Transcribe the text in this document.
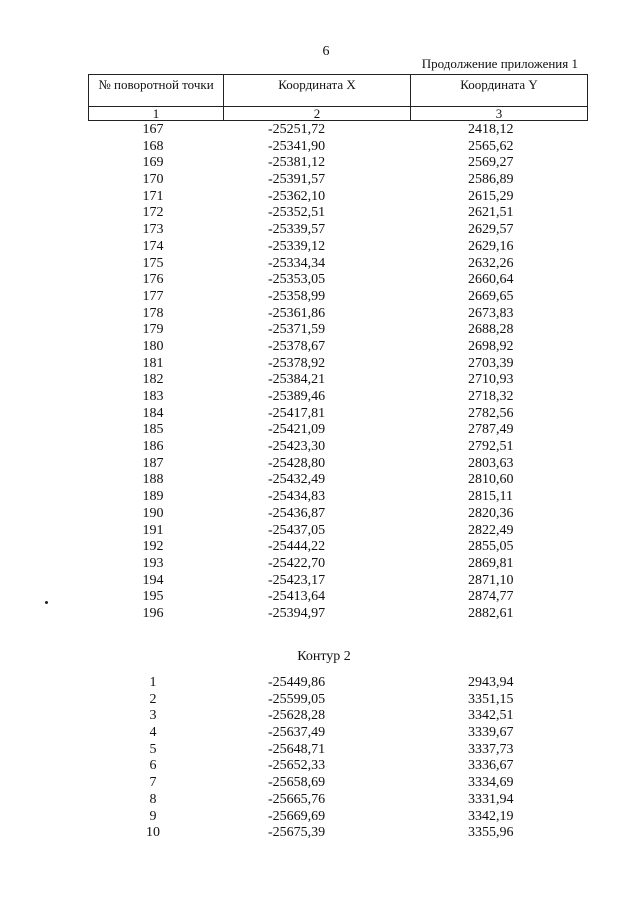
6
Продолжение приложения 1
№ поворотной точки	Координата X	Координата Y
1	2	3
167	-25251,72	2418,12
168	-25341,90	2565,62
169	-25381,12	2569,27
170	-25391,57	2586,89
171	-25362,10	2615,29
172	-25352,51	2621,51
173	-25339,57	2629,57
174	-25339,12	2629,16
175	-25334,34	2632,26
176	-25353,05	2660,64
177	-25358,99	2669,65
178	-25361,86	2673,83
179	-25371,59	2688,28
180	-25378,67	2698,92
181	-25378,92	2703,39
182	-25384,21	2710,93
183	-25389,46	2718,32
184	-25417,81	2782,56
185	-25421,09	2787,49
186	-25423,30	2792,51
187	-25428,80	2803,63
188	-25432,49	2810,60
189	-25434,83	2815,11
190	-25436,87	2820,36
191	-25437,05	2822,49
192	-25444,22	2855,05
193	-25422,70	2869,81
194	-25423,17	2871,10
195	-25413,64	2874,77
196	-25394,97	2882,61
Контур 2
1	-25449,86	2943,94
2	-25599,05	3351,15
3	-25628,28	3342,51
4	-25637,49	3339,67
5	-25648,71	3337,73
6	-25652,33	3336,67
7	-25658,69	3334,69
8	-25665,76	3331,94
9	-25669,69	3342,19
10	-25675,39	3355,96
